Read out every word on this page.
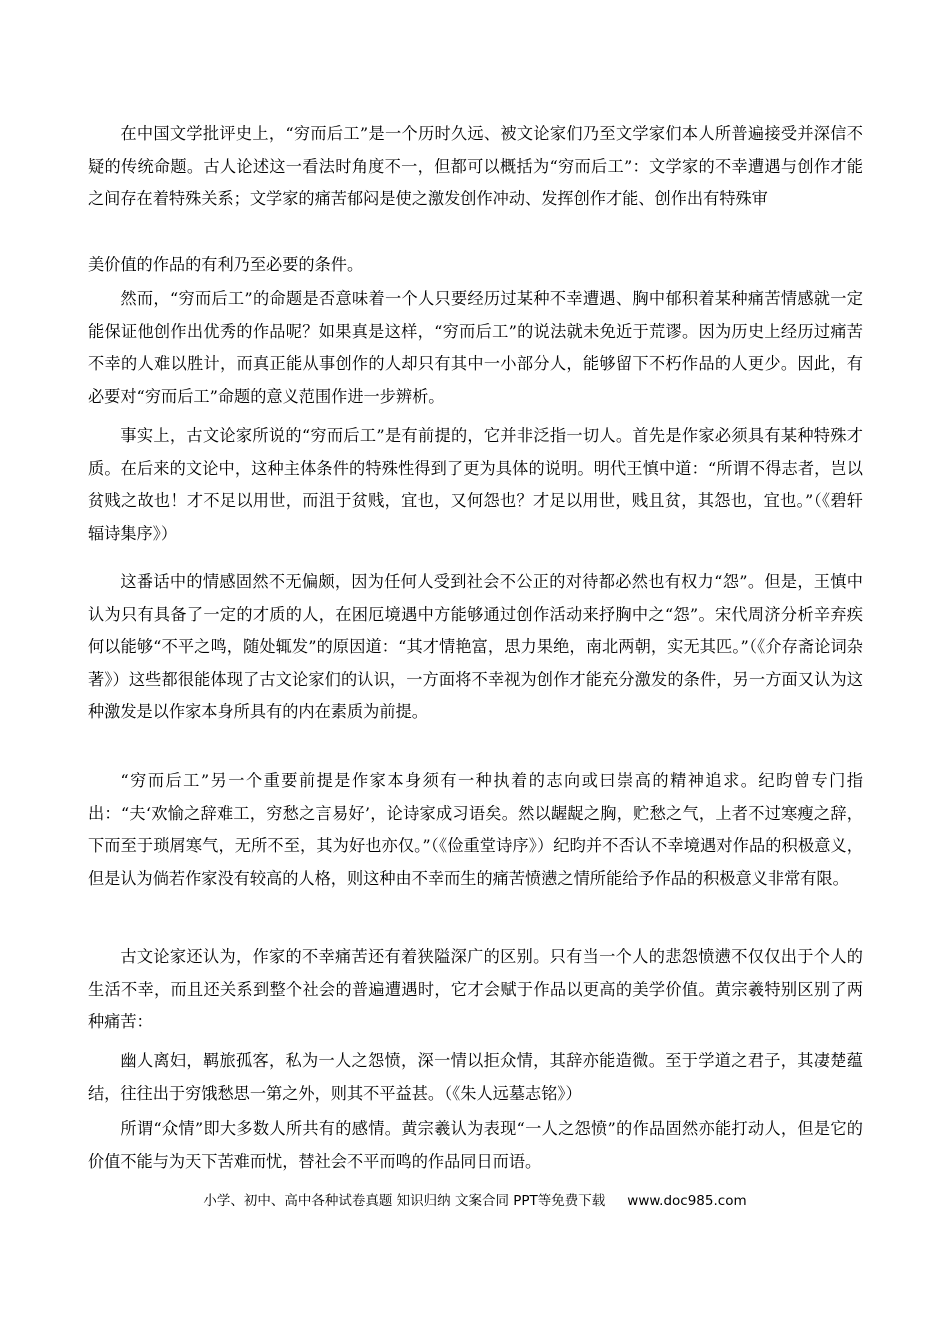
在中国文学批评史上，“穷而后工”是一个历时久远、被文论家们乃至文学家们本人所普遍接受并深信不疑的传统命题。古人论述这一看法时角度不一，但都可以概括为“穷而后工”：文学家的不幸遭遇与创作才能之间存在着特殊关系；文学家的痛苦郁闷是使之激发创作冲动、发挥创作才能、创作出有特殊审

美价值的作品的有利乃至必要的条件。

然而，“穷而后工”的命题是否意味着一个人只要经历过某种不幸遭遇、胸中郁积着某种痛苦情感就一定能保证他创作出优秀的作品呢？如果真是这样，“穷而后工”的说法就未免近于荒谬。因为历史上经历过痛苦不幸的人难以胜计，而真正能从事创作的人却只有其中一小部分人，能够留下不朽作品的人更少。因此，有必要对“穷而后工”命题的意义范围作进一步辨析。

事实上，古文论家所说的“穷而后工”是有前提的，它并非泛指一切人。首先是作家必须具有某种特殊才质。在后来的文论中，这种主体条件的特殊性得到了更为具体的说明。明代王慎中道：“所谓不得志者，岂以贫贱之故也！才不足以用世，而沮于贫贱，宜也，又何怨也？才足以用世，贱且贫，其怨也，宜也。”（《碧轩辐诗集序》）

这番话中的情感固然不无偏颇，因为任何人受到社会不公正的对待都必然也有权力“怨”。但是，王慎中认为只有具备了一定的才质的人，在困厄境遇中方能够通过创作活动来抒胸中之“怨”。宋代周济分析辛弃疾何以能够“不平之鸣，随处辄发”的原因道：“其才情艳富，思力果绝，南北两朝，实无其匹。”（《介存斋论词杂著》）这些都很能体现了古文论家们的认识，一方面将不幸视为创作才能充分激发的条件，另一方面又认为这种激发是以作家本身所具有的内在素质为前提。

“穷而后工”另一个重要前提是作家本身须有一种执着的志向或曰崇高的精神追求。纪昀曾专门指出：“夫‘欢愉之辞难工，穷愁之言易好’，论诗家成习语矣。然以龌龊之胸，贮愁之气，上者不过寒瘦之辞，下而至于琐屑寒气，无所不至，其为好也亦仅。”（《俭重堂诗序》）纪昀并不否认不幸境遇对作品的积极意义，但是认为倘若作家没有较高的人格，则这种由不幸而生的痛苦愤懑之情所能给予作品的积极意义非常有限。

古文论家还认为，作家的不幸痛苦还有着狭隘深广的区别。只有当一个人的悲怨愤懑不仅仅出于个人的生活不幸，而且还关系到整个社会的普遍遭遇时，它才会赋于作品以更高的美学价值。黄宗羲特别区别了两种痛苦：

幽人离妇，羁旅孤客，私为一人之怨愤，深一情以拒众情，其辞亦能造微。至于学道之君子，其凄楚蕴结，往往出于穷饿愁思一第之外，则其不平益甚。（《朱人远墓志铭》）

所谓“众情”即大多数人所共有的感情。黄宗羲认为表现“一人之怨愤”的作品固然亦能打动人，但是它的价值不能与为天下苦难而忧，替社会不平而鸣的作品同日而语。

小学、初中、高中各种试卷真题 知识归纳 文案合同 PPT等免费下载 www.doc985.com
